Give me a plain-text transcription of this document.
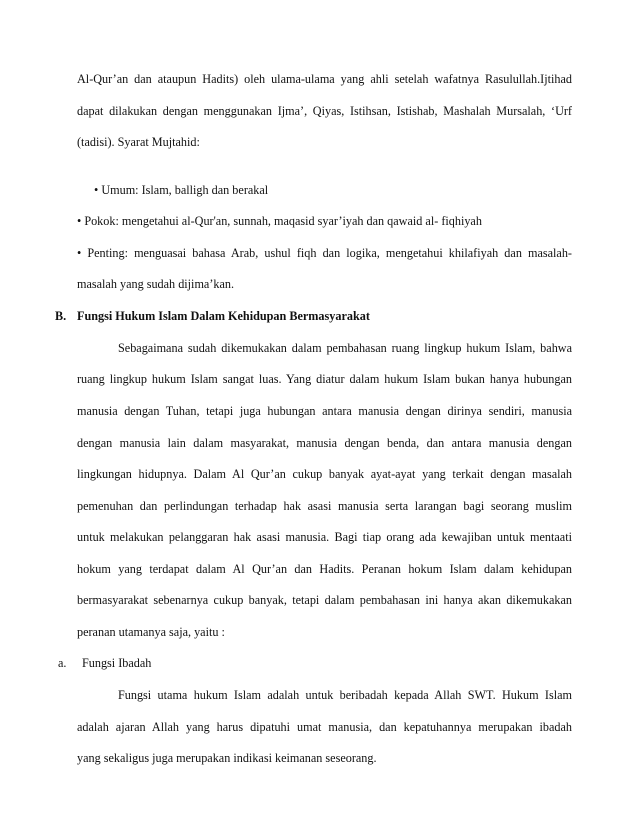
Al-Qur’an dan ataupun Hadits) oleh ulama-ulama yang ahli setelah wafatnya Rasulullah.Ijtihad
dapat dilakukan dengan menggunakan Ijma’, Qiyas, Istihsan, Istishab, Mashalah Mursalah, ‘Urf
(tadisi). Syarat Mujtahid:
• Umum: Islam, balligh dan berakal
• Pokok: mengetahui al-Qur'an, sunnah, maqasid syar’iyah dan qawaid al- fiqhiyah
• Penting: menguasai bahasa Arab, ushul fiqh dan logika, mengetahui khilafiyah dan masalah-
masalah yang sudah dijima’kan.
B. Fungsi Hukum Islam Dalam Kehidupan Bermasyarakat
Sebagaimana sudah dikemukakan dalam pembahasan ruang lingkup hukum Islam, bahwa
ruang lingkup hukum Islam sangat luas. Yang diatur dalam hukum Islam bukan hanya hubungan
manusia dengan Tuhan, tetapi juga hubungan antara manusia dengan dirinya sendiri, manusia
dengan manusia lain dalam masyarakat, manusia dengan benda, dan antara manusia dengan
lingkungan hidupnya. Dalam Al Qur’an cukup banyak ayat-ayat yang terkait dengan masalah
pemenuhan dan perlindungan terhadap hak asasi manusia serta larangan bagi seorang muslim
untuk melakukan pelanggaran hak asasi manusia. Bagi tiap orang ada kewajiban untuk mentaati
hokum yang terdapat dalam Al Qur’an dan Hadits. Peranan hokum Islam dalam kehidupan
bermasyarakat sebenarnya cukup banyak, tetapi dalam pembahasan ini hanya akan dikemukakan
peranan utamanya saja, yaitu :
a. Fungsi Ibadah
Fungsi utama hukum Islam adalah untuk beribadah kepada Allah SWT. Hukum Islam
adalah ajaran Allah yang harus dipatuhi umat manusia, dan kepatuhannya merupakan ibadah
yang sekaligus juga merupakan indikasi keimanan seseorang.
